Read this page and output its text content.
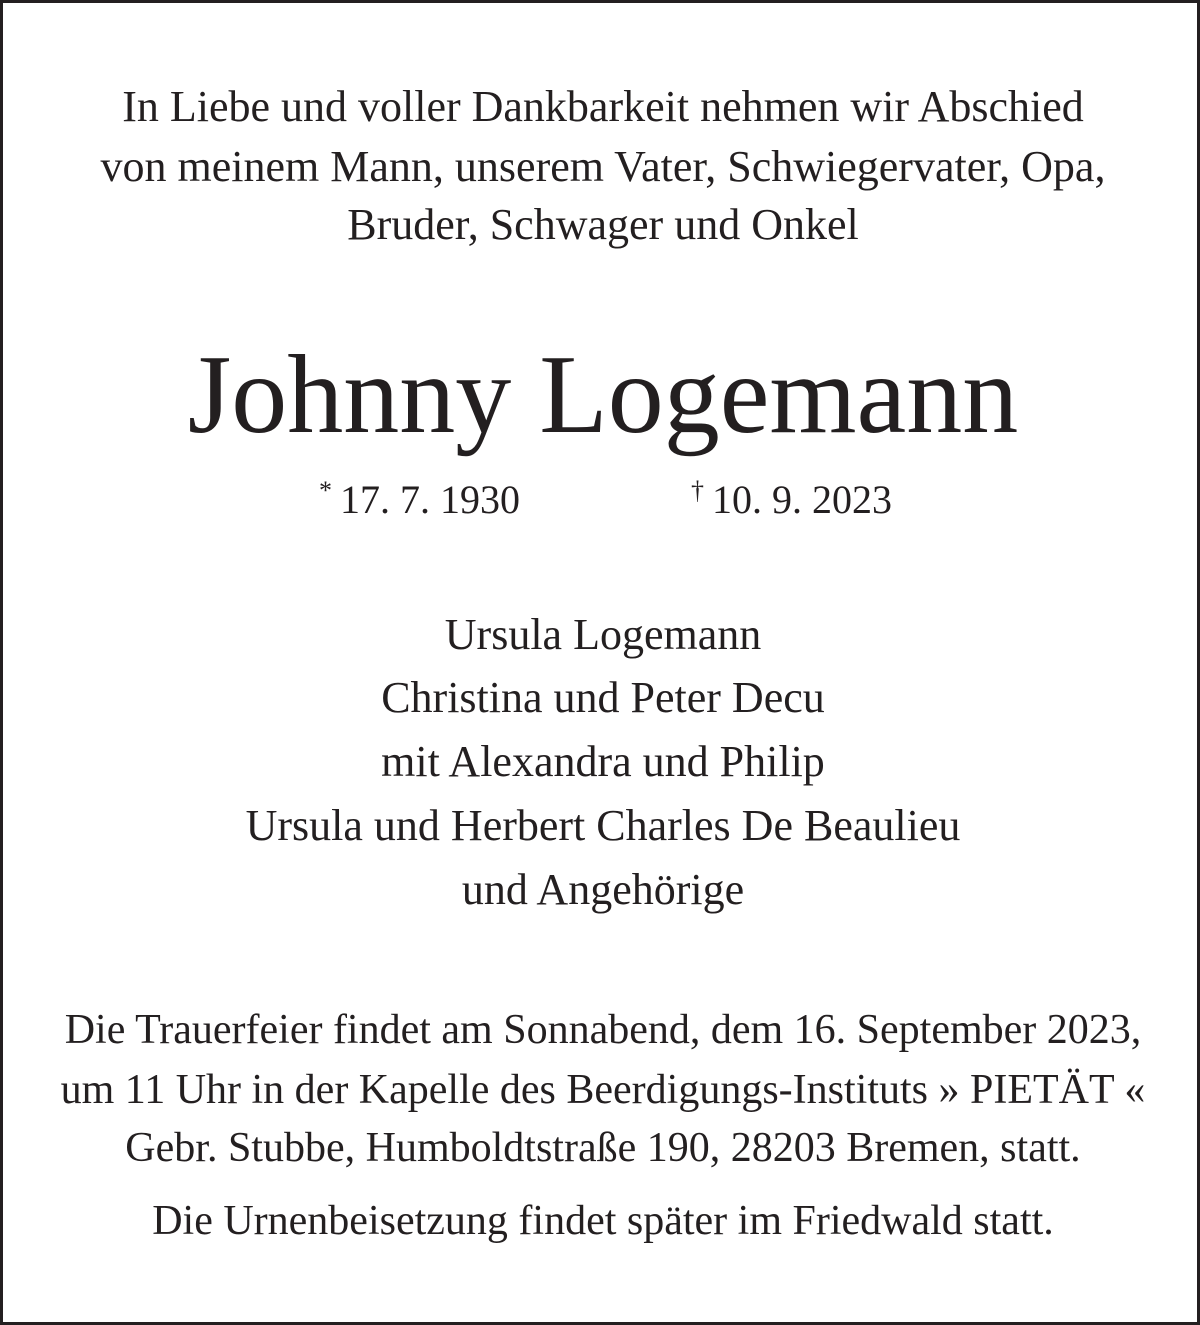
In Liebe und voller Dankbarkeit nehmen wir Abschied
von meinem Mann, unserem Vater, Schwiegervater, Opa,
Bruder, Schwager und Onkel
Johnny Logemann
* 17. 7. 1930	† 10. 9. 2023
Ursula Logemann
Christina und Peter Decu
mit Alexandra und Philip
Ursula und Herbert Charles De Beaulieu
und Angehörige
Die Trauerfeier findet am Sonnabend, dem 16. September 2023,
um 11 Uhr in der Kapelle des Beerdigungs-Instituts » PIETÄT «
Gebr. Stubbe, Humboldtstraße 190, 28203 Bremen, statt.
Die Urnenbeisetzung findet später im Friedwald statt.
